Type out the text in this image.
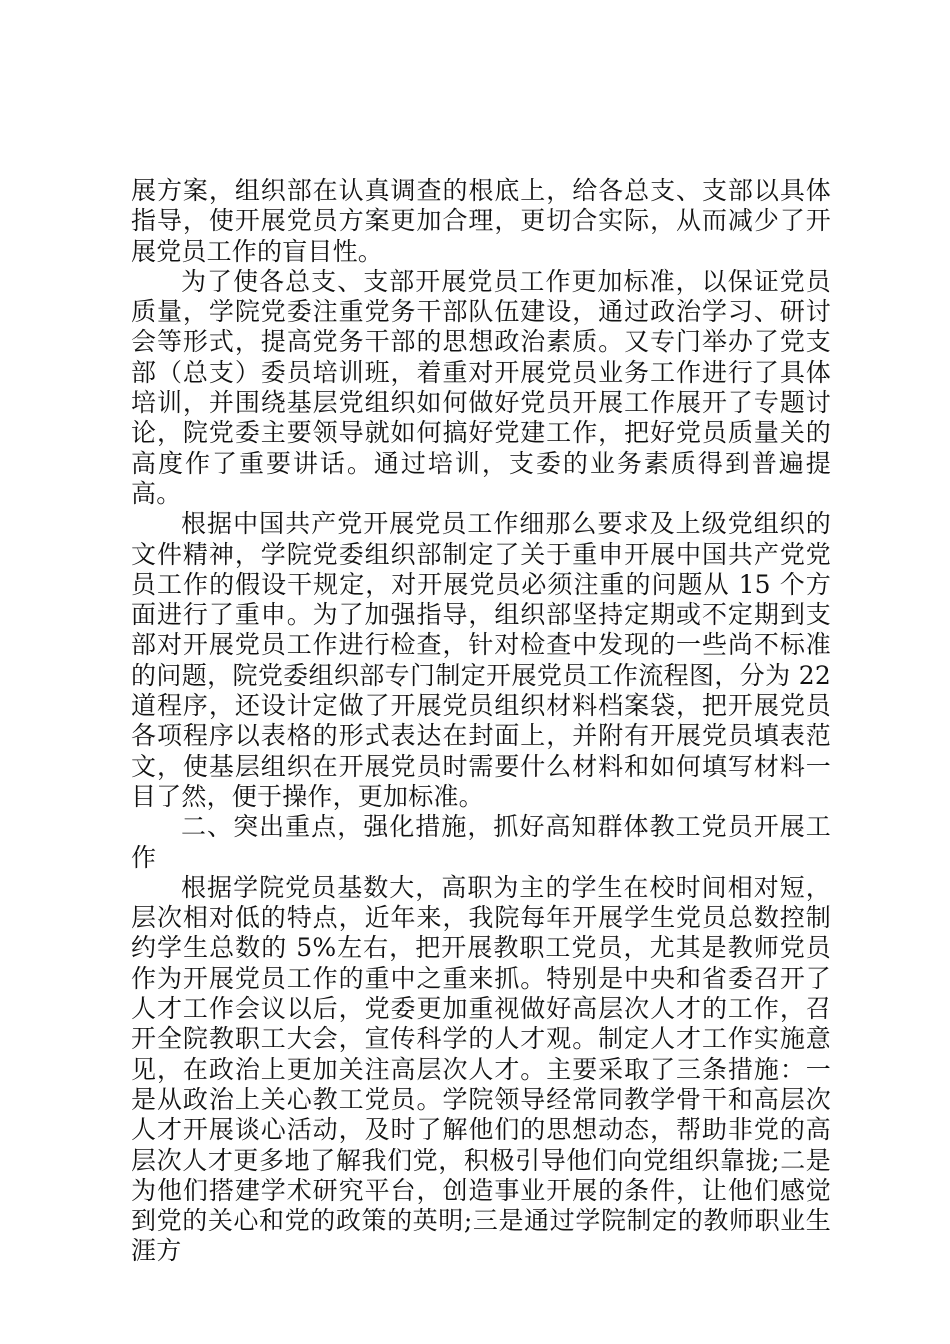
展方案，组织部在认真调查的根底上，给各总支、支部以具体指导，使开展党员方案更加合理，更切合实际，从而减少了开展党员工作的盲目性。

为了使各总支、支部开展党员工作更加标准，以保证党员质量，学院党委注重党务干部队伍建设，通过政治学习、研讨会等形式，提高党务干部的思想政治素质。又专门举办了党支部（总支）委员培训班，着重对开展党员业务工作进行了具体培训，并围绕基层党组织如何做好党员开展工作展开了专题讨论，院党委主要领导就如何搞好党建工作，把好党员质量关的高度作了重要讲话。通过培训，支委的业务素质得到普遍提高。

根据中国共产党开展党员工作细那么要求及上级党组织的文件精神，学院党委组织部制定了关于重申开展中国共产党党员工作的假设干规定，对开展党员必须注重的问题从 15 个方面进行了重申。为了加强指导，组织部坚持定期或不定期到支部对开展党员工作进行检查，针对检查中发现的一些尚不标准的问题，院党委组织部专门制定开展党员工作流程图，分为 22 道程序，还设计定做了开展党员组织材料档案袋，把开展党员各项程序以表格的形式表达在封面上，并附有开展党员填表范文，使基层组织在开展党员时需要什么材料和如何填写材料一目了然，便于操作，更加标准。

二、突出重点，强化措施，抓好高知群体教工党员开展工作

根据学院党员基数大，高职为主的学生在校时间相对短，层次相对低的特点，近年来，我院每年开展学生党员总数控制约学生总数的 5%左右，把开展教职工党员，尤其是教师党员作为开展党员工作的重中之重来抓。特别是中央和省委召开了人才工作会议以后，党委更加重视做好高层次人才的工作，召开全院教职工大会，宣传科学的人才观。制定人才工作实施意见，在政治上更加关注高层次人才。主要采取了三条措施：一是从政治上关心教工党员。学院领导经常同教学骨干和高层次人才开展谈心活动，及时了解他们的思想动态，帮助非党的高层次人才更多地了解我们党，积极引导他们向党组织靠拢;二是为他们搭建学术研究平台，创造事业开展的条件，让他们感觉到党的关心和党的政策的英明;三是通过学院制定的教师职业生涯方
